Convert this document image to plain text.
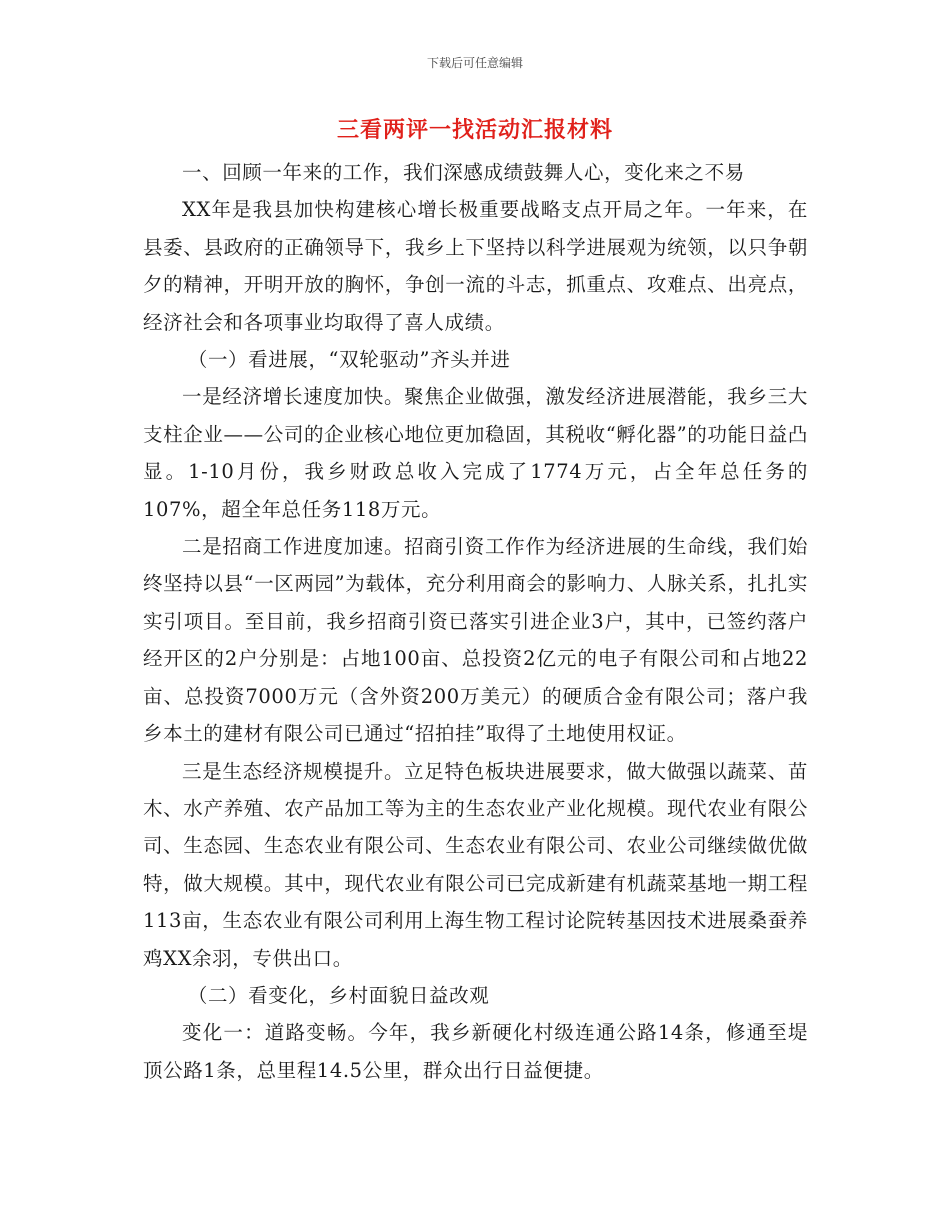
下载后可任意编辑
三看两评一找活动汇报材料

一、回顾一年来的工作，我们深感成绩鼓舞人心，变化来之不易

XX年是我县加快构建核心增长极重要战略支点开局之年。一年来，在县委、县政府的正确领导下，我乡上下坚持以科学进展观为统领，以只争朝夕的精神，开明开放的胸怀，争创一流的斗志，抓重点、攻难点、出亮点，经济社会和各项事业均取得了喜人成绩。

（一）看进展，“双轮驱动”齐头并进

一是经济增长速度加快。聚焦企业做强，激发经济进展潜能，我乡三大支柱企业——公司的企业核心地位更加稳固，其税收“孵化器”的功能日益凸显。1-10月份，我乡财政总收入完成了1774万元，占全年总任务的107%，超全年总任务118万元。

二是招商工作进度加速。招商引资工作作为经济进展的生命线，我们始终坚持以县“一区两园”为载体，充分利用商会的影响力、人脉关系，扎扎实实引项目。至目前，我乡招商引资已落实引进企业3户，其中，已签约落户经开区的2户分别是：占地100亩、总投资2亿元的电子有限公司和占地22亩、总投资7000万元（含外资200万美元）的硬质合金有限公司；落户我乡本土的建材有限公司已通过“招拍挂”取得了土地使用权证。

三是生态经济规模提升。立足特色板块进展要求，做大做强以蔬菜、苗木、水产养殖、农产品加工等为主的生态农业产业化规模。现代农业有限公司、生态园、生态农业有限公司、生态农业有限公司、农业公司继续做优做特，做大规模。其中，现代农业有限公司已完成新建有机蔬菜基地一期工程113亩，生态农业有限公司利用上海生物工程讨论院转基因技术进展桑蚕养鸡XX余羽，专供出口。

（二）看变化，乡村面貌日益改观

变化一：道路变畅。今年，我乡新硬化村级连通公路14条，修通至堤顶公路1条，总里程14.5公里，群众出行日益便捷。
